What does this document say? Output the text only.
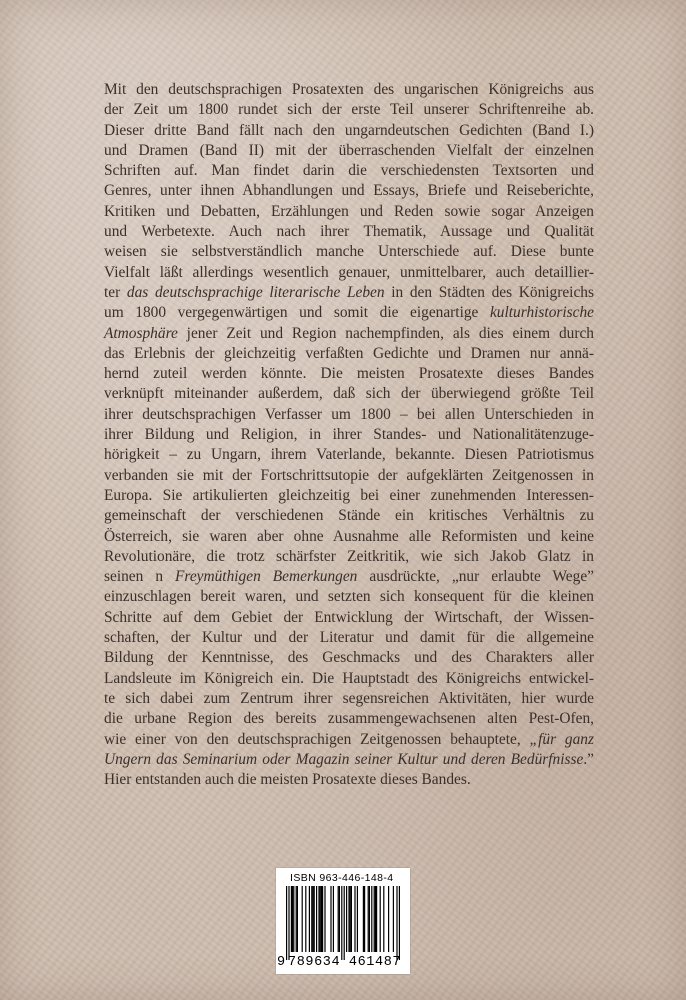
Mit den deutschsprachigen Prosatexten des ungarischen Königreichs aus
der Zeit um 1800 rundet sich der erste Teil unserer Schriftenreihe ab.
Dieser dritte Band fällt nach den ungarndeutschen Gedichten (Band I.)
und Dramen (Band II) mit der überraschenden Vielfalt der einzelnen
Schriften auf. Man findet darin die verschiedensten Textsorten und
Genres, unter ihnen Abhandlungen und Essays, Briefe und Reiseberichte,
Kritiken und Debatten, Erzählungen und Reden sowie sogar Anzeigen
und Werbetexte. Auch nach ihrer Thematik, Aussage und Qualität
weisen sie selbstverständlich manche Unterschiede auf. Diese bunte
Vielfalt läßt allerdings wesentlich genauer, unmittelbarer, auch detaillier-
ter das deutschsprachige literarische Leben in den Städten des Königreichs
um 1800 vergegenwärtigen und somit die eigenartige kulturhistorische
Atmosphäre jener Zeit und Region nachempfinden, als dies einem durch
das Erlebnis der gleichzeitig verfaßten Gedichte und Dramen nur annä-
hernd zuteil werden könnte. Die meisten Prosatexte dieses Bandes
verknüpft miteinander außerdem, daß sich der überwiegend größte Teil
ihrer deutschsprachigen Verfasser um 1800 – bei allen Unterschieden in
ihrer Bildung und Religion, in ihrer Standes- und Nationalitätenzuge-
hörigkeit – zu Ungarn, ihrem Vaterlande, bekannte. Diesen Patriotismus
verbanden sie mit der Fortschrittsutopie der aufgeklärten Zeitgenossen in
Europa. Sie artikulierten gleichzeitig bei einer zunehmenden Interessen-
gemeinschaft der verschiedenen Stände ein kritisches Verhältnis zu
Österreich, sie waren aber ohne Ausnahme alle Reformisten und keine
Revolutionäre, die trotz schärfster Zeitkritik, wie sich Jakob Glatz in
seinen n Freymüthigen Bemerkungen ausdrückte, „nur erlaubte Wege”
einzuschlagen bereit waren, und setzten sich konsequent für die kleinen
Schritte auf dem Gebiet der Entwicklung der Wirtschaft, der Wissen-
schaften, der Kultur und der Literatur und damit für die allgemeine
Bildung der Kenntnisse, des Geschmacks und des Charakters aller
Landsleute im Königreich ein. Die Hauptstadt des Königreichs entwickel-
te sich dabei zum Zentrum ihrer segensreichen Aktivitäten, hier wurde
die urbane Region des bereits zusammengewachsenen alten Pest-Ofen,
wie einer von den deutschsprachigen Zeitgenossen behauptete, „für ganz
Ungern das Seminarium oder Magazin seiner Kultur und deren Bedürfnisse.”
Hier entstanden auch die meisten Prosatexte dieses Bandes.
ISBN 963-446-148-4
9 789634 461487
